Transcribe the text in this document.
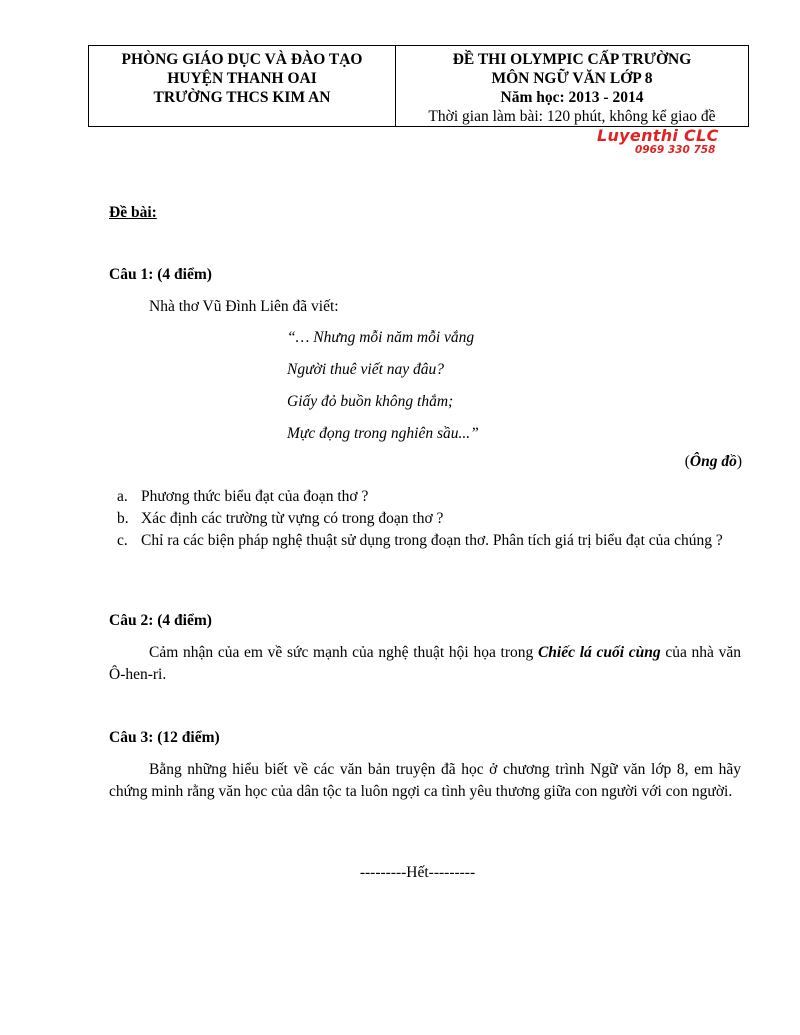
PHÒNG GIÁO DỤC VÀ ĐÀO TẠO
HUYỆN THANH OAI
TRƯỜNG THCS KIM AN
ĐỀ THI OLYMPIC CẤP TRƯỜNG
MÔN NGỮ VĂN LỚP 8
Năm học: 2013 - 2014
Thời gian làm bài: 120 phút, không kể giao đề
Luyenthi CLC
0969 330 758
Đề bài:
Câu 1: (4 điểm)
Nhà thơ Vũ Đình Liên đã viết:
“… Nhưng mỗi năm mỗi vắng
Người thuê viết nay đâu?
Giấy đỏ buồn không thắm;
Mực đọng trong nghiên sầu...”
(Ông đồ)
a. Phương thức biểu đạt của đoạn thơ ?
b. Xác định các trường từ vựng có trong đoạn thơ ?
c. Chỉ ra các biện pháp nghệ thuật sử dụng trong đoạn thơ. Phân tích giá trị biểu đạt của chúng ?
Câu 2: (4 điểm)
Cảm nhận của em về sức mạnh của nghệ thuật hội họa trong Chiếc lá cuối cùng của nhà văn Ô-hen-ri.
Câu 3: (12 điểm)
Bằng những hiểu biết về các văn bản truyện đã học ở chương trình Ngữ văn lớp 8, em hãy chứng minh rằng văn học của dân tộc ta luôn ngợi ca tình yêu thương giữa con người với con người.
---------Hết---------
